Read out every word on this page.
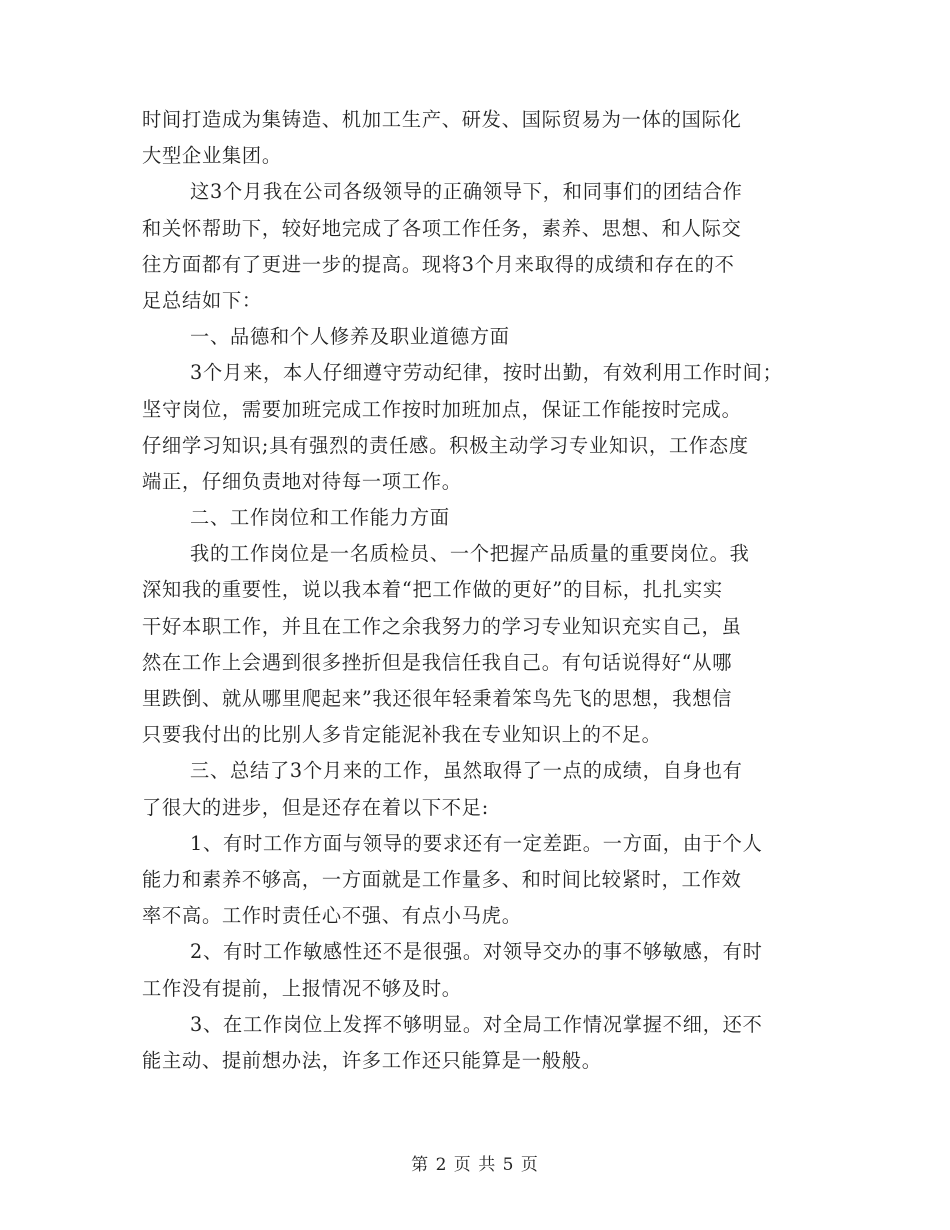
时间打造成为集铸造、机加工生产、研发、国际贸易为一体的国际化
大型企业集团。
这3个月我在公司各级领导的正确领导下，和同事们的团结合作
和关怀帮助下，较好地完成了各项工作任务，素养、思想、和人际交
往方面都有了更进一步的提高。现将3个月来取得的成绩和存在的不
足总结如下：
一、品德和个人修养及职业道德方面
3个月来，本人仔细遵守劳动纪律，按时出勤，有效利用工作时间；
坚守岗位，需要加班完成工作按时加班加点，保证工作能按时完成。
仔细学习知识;具有强烈的责任感。积极主动学习专业知识，工作态度
端正，仔细负责地对待每一项工作。
二、工作岗位和工作能力方面
我的工作岗位是一名质检员、一个把握产品质量的重要岗位。我
深知我的重要性，说以我本着“把工作做的更好”的目标，扎扎实实
干好本职工作，并且在工作之余我努力的学习专业知识充实自己，虽
然在工作上会遇到很多挫折但是我信任我自己。有句话说得好“从哪
里跌倒、就从哪里爬起来”我还很年轻秉着笨鸟先飞的思想，我想信
只要我付出的比别人多肯定能泥补我在专业知识上的不足。
三、总结了3个月来的工作，虽然取得了一点的成绩，自身也有
了很大的进步，但是还存在着以下不足:
1、有时工作方面与领导的要求还有一定差距。一方面，由于个人
能力和素养不够高，一方面就是工作量多、和时间比较紧时，工作效
率不高。工作时责任心不强、有点小马虎。
2、有时工作敏感性还不是很强。对领导交办的事不够敏感，有时
工作没有提前，上报情况不够及时。
3、在工作岗位上发挥不够明显。对全局工作情况掌握不细，还不
能主动、提前想办法，许多工作还只能算是一般般。
第 2 页 共 5 页
